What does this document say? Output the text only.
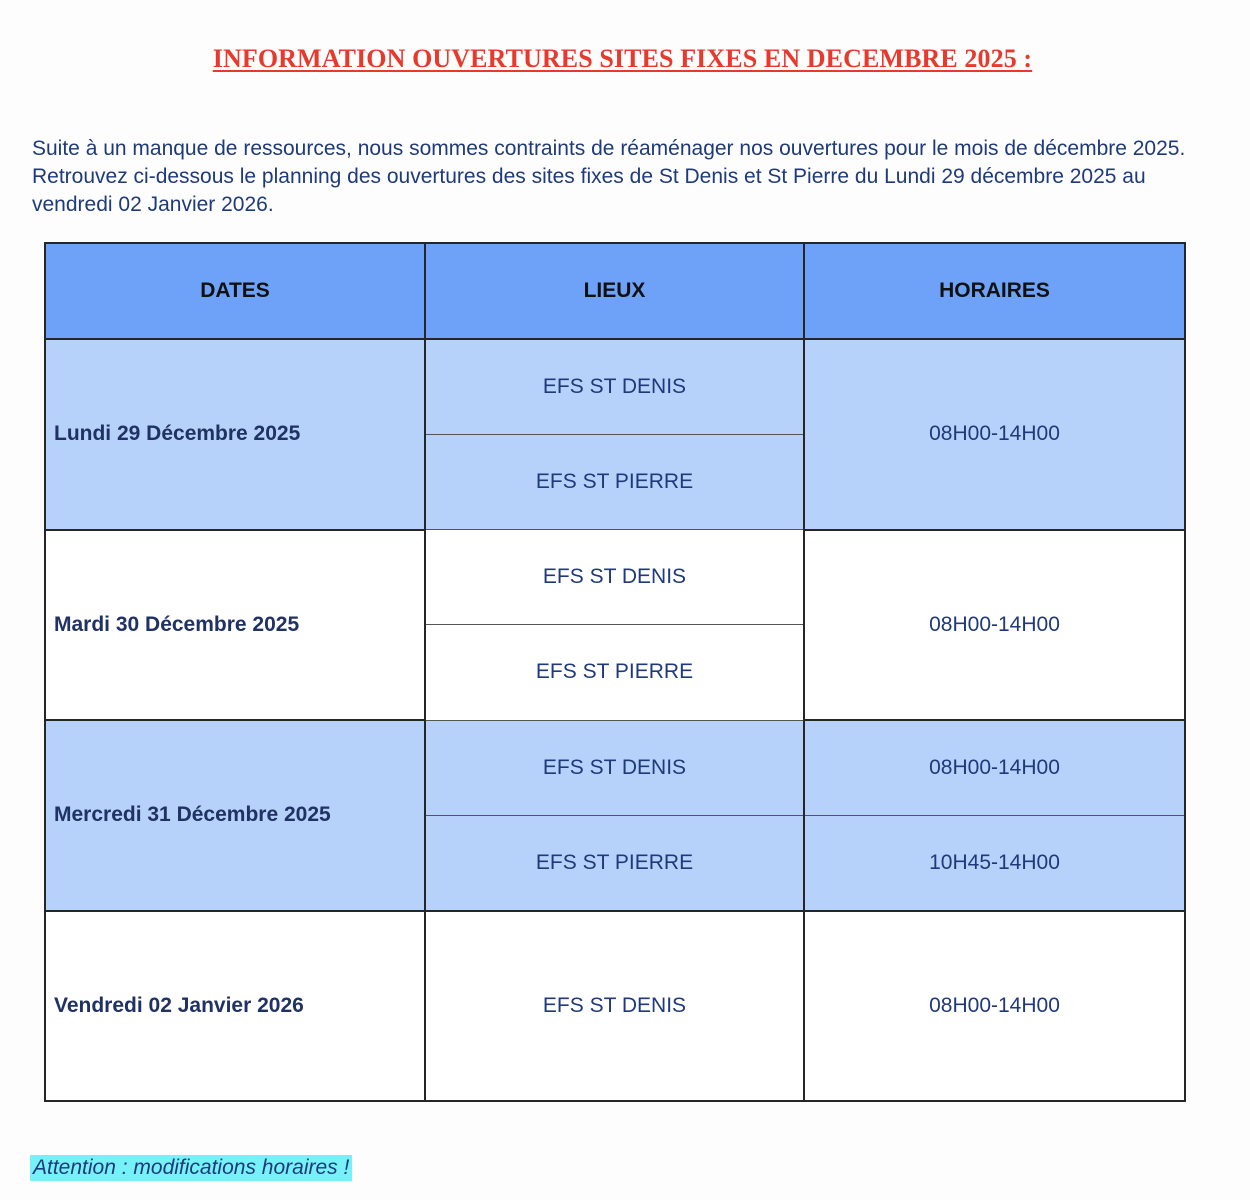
INFORMATION OUVERTURES SITES FIXES EN DECEMBRE 2025 :
Suite à un manque de ressources, nous sommes contraints de réaménager nos ouvertures pour le mois de décembre 2025. Retrouvez ci-dessous le planning des ouvertures des sites fixes de St Denis et St Pierre du Lundi 29 décembre 2025 au vendredi 02 Janvier 2026.
DATES	LIEUX	HORAIRES
Lundi 29 Décembre 2025	EFS ST DENIS	08H00-14H00
	EFS ST PIERRE	
Mardi 30 Décembre 2025	EFS ST DENIS	08H00-14H00
	EFS ST PIERRE	
Mercredi 31 Décembre 2025	EFS ST DENIS	08H00-14H00
	EFS ST PIERRE	10H45-14H00
Vendredi 02 Janvier 2026	EFS ST DENIS	08H00-14H00
Attention : modifications horaires !
